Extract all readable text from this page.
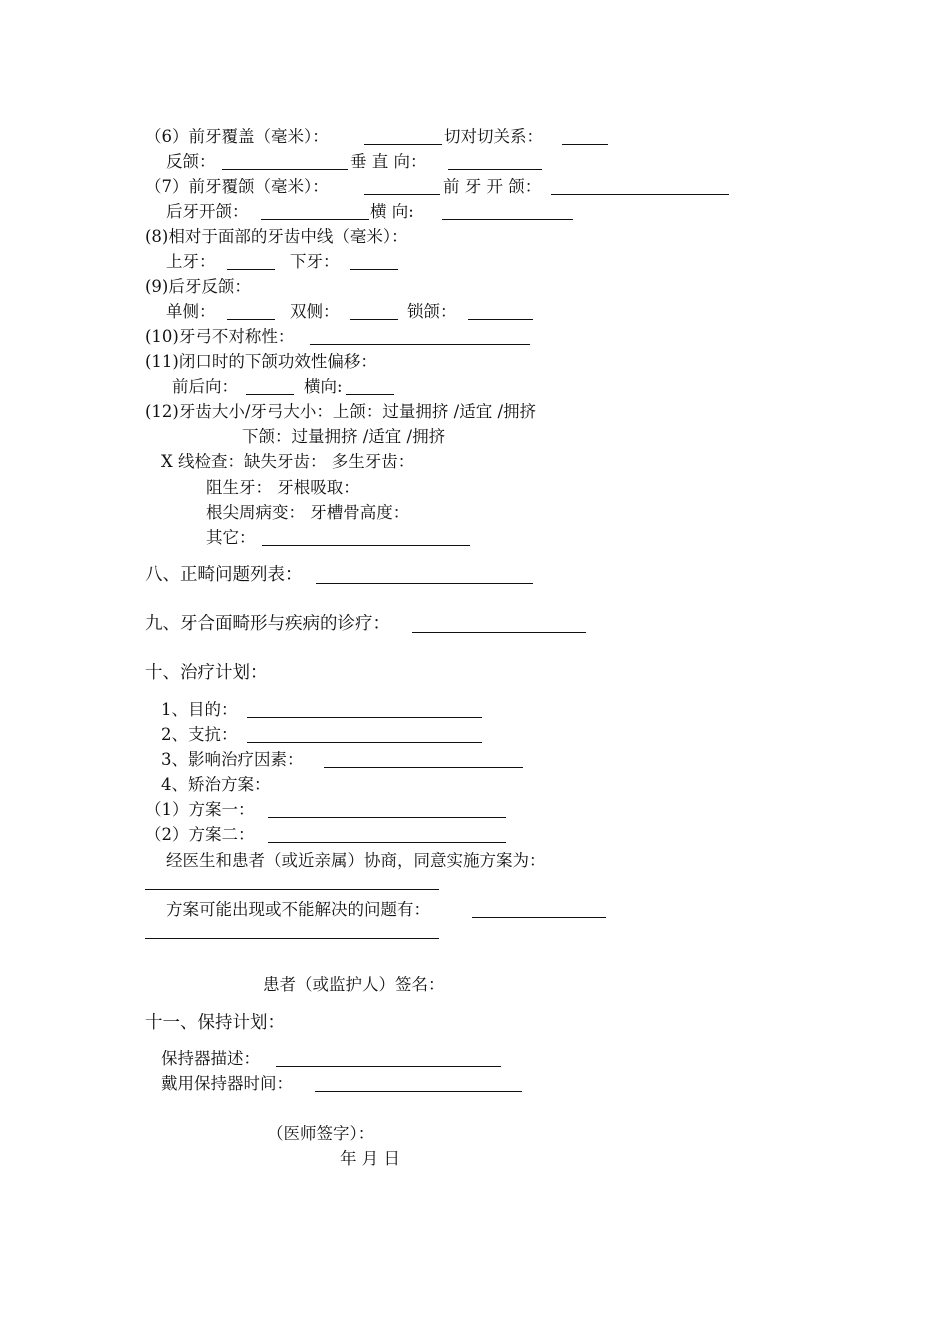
（6）前牙覆盖（毫米）：	切对切关系：
反颌：	垂 直 向：
（7）前牙覆颌（毫米）：	前 牙 开 颌：
后牙开颌：	横 向:
(8)相对于面部的牙齿中线（毫米）：
上牙：	下牙：
(9)后牙反颌：
单侧：	双侧：	锁颌：
(10)牙弓不对称性：
(11)闭口时的下颌功效性偏移：
前后向：	横向:
(12)牙齿大小/牙弓大小：上颌：过量拥挤 /适宜 /拥挤
下颌：过量拥挤 /适宜 /拥挤
X 线检查：缺失牙齿： 多生牙齿：
阻生牙： 牙根吸取：
根尖周病变： 牙槽骨高度：
其它：
八、正畸问题列表：
九、牙合面畸形与疾病的诊疗：
十、治疗计划：
1、目的：
2、支抗：
3、影响治疗因素：
4、矫治方案：
（1）方案一：
（2）方案二：
经医生和患者（或近亲属）协商，同意实施方案为：
方案可能出现或不能解决的问题有：
患者（或监护人）签名：
十一、保持计划：
保持器描述：
戴用保持器时间：
（医师签字）：
年 月 日
